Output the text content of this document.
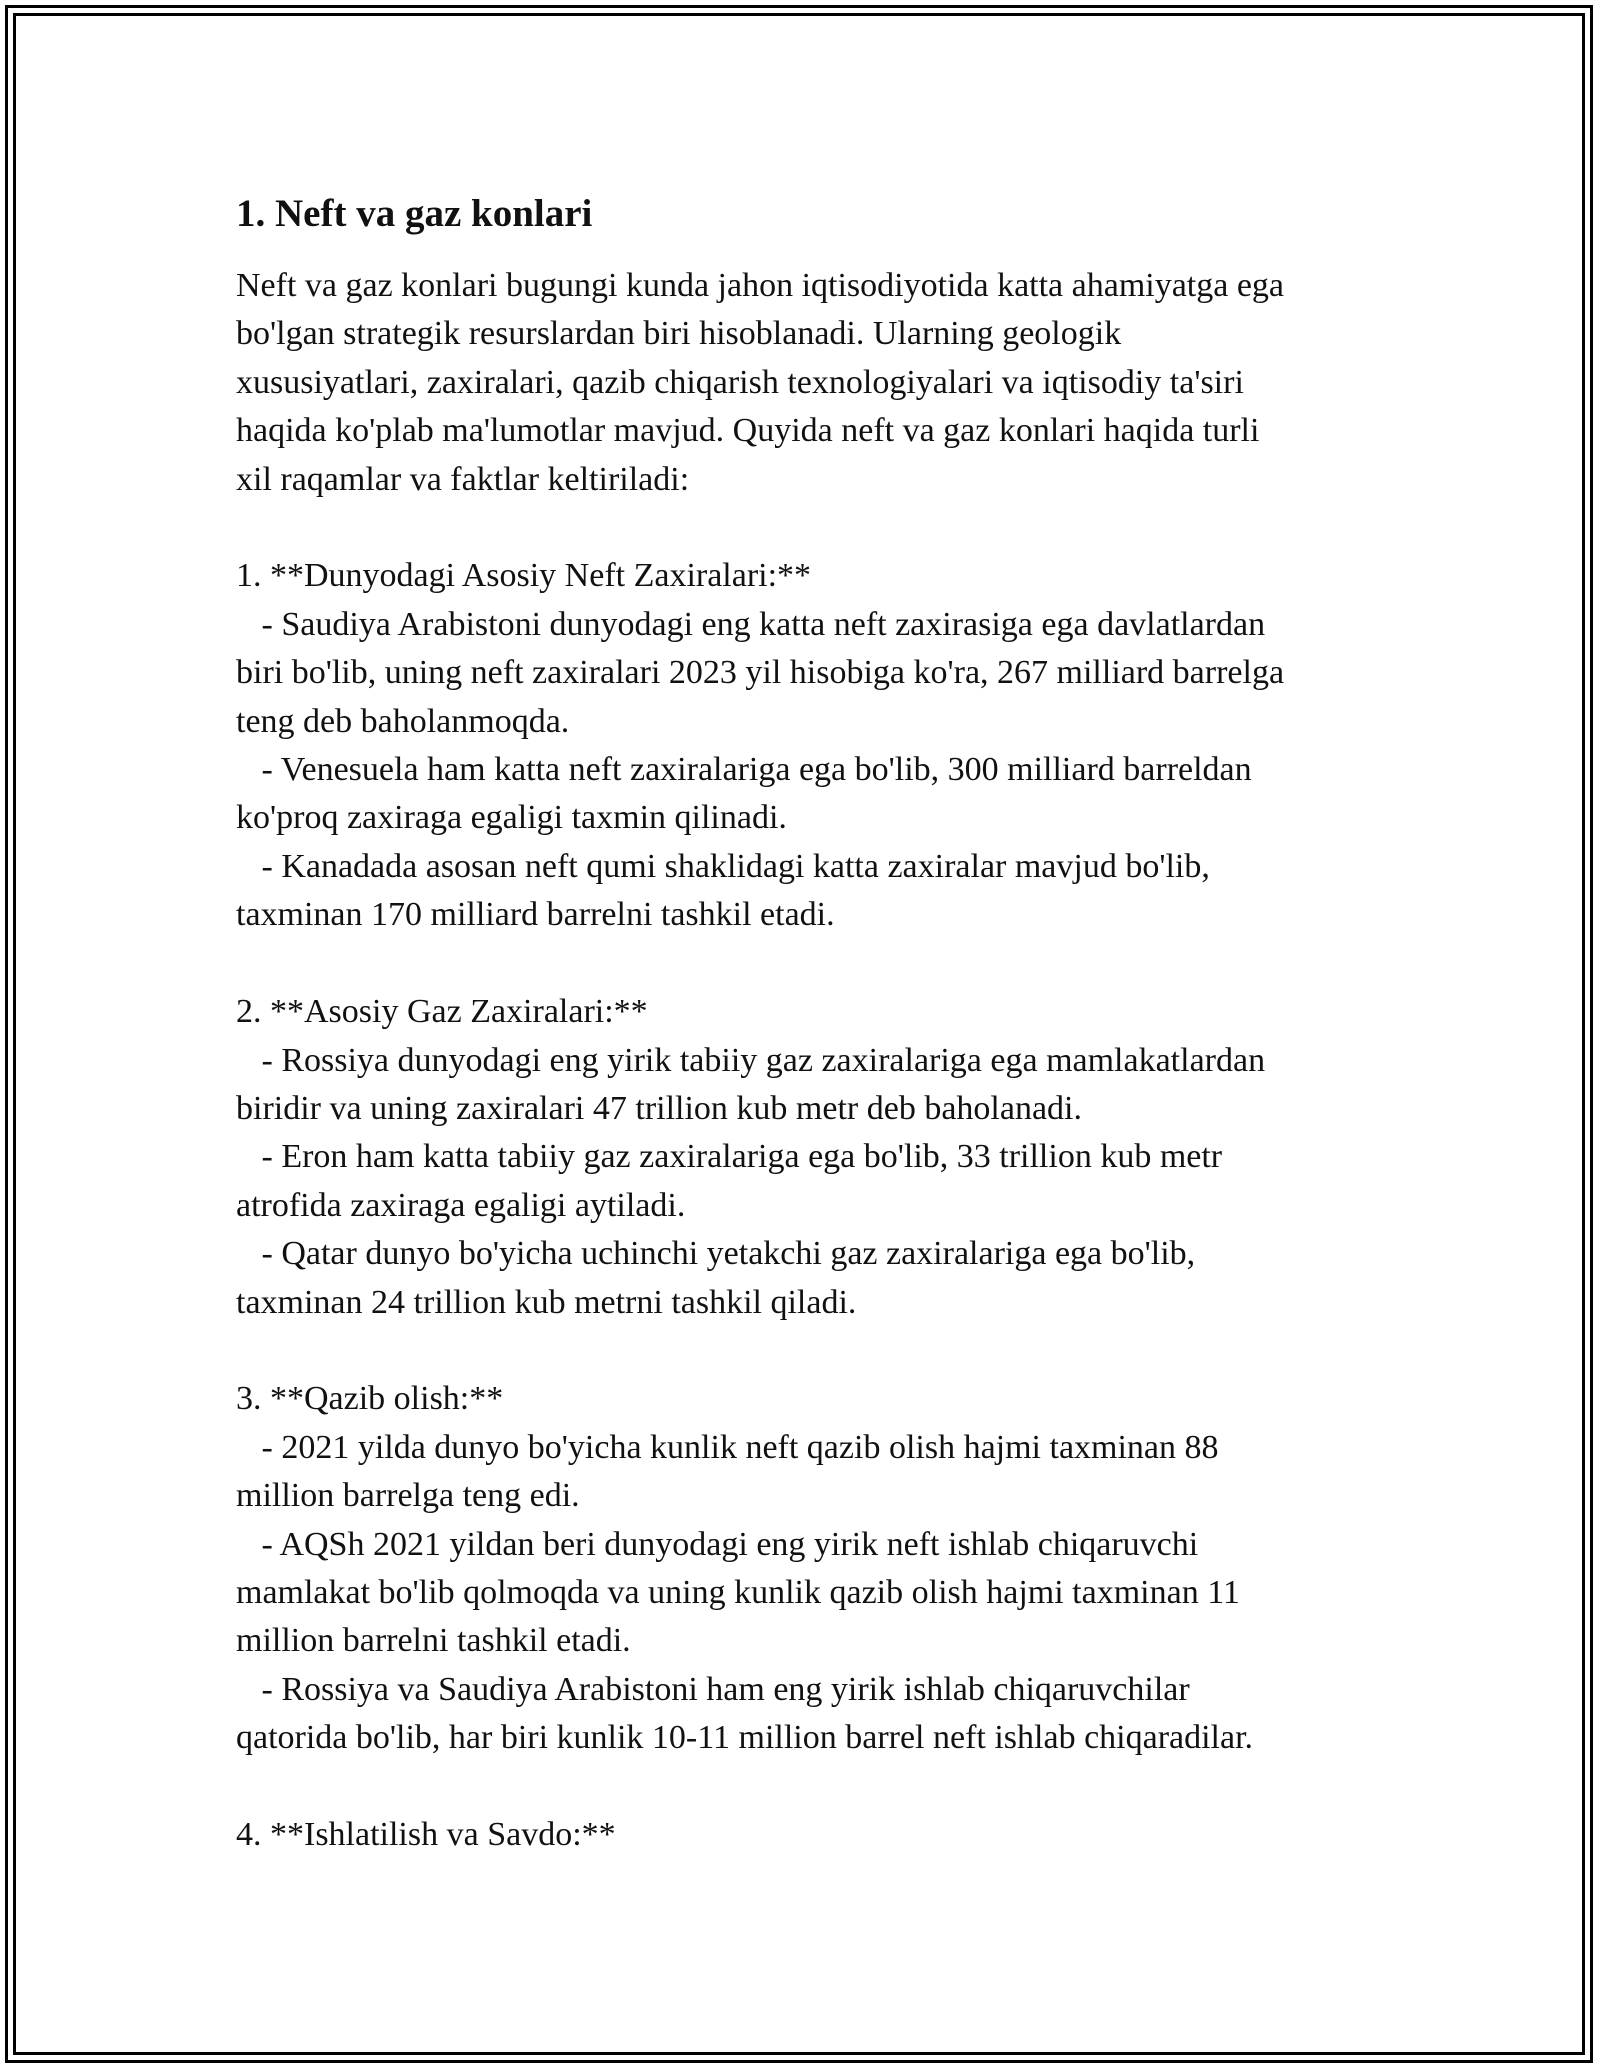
1. Neft va gaz konlari

Neft va gaz konlari bugungi kunda jahon iqtisodiyotida katta ahamiyatga ega
bo'lgan strategik resurslardan biri hisoblanadi. Ularning geologik
xususiyatlari, zaxiralari, qazib chiqarish texnologiyalari va iqtisodiy ta'siri
haqida ko'plab ma'lumotlar mavjud. Quyida neft va gaz konlari haqida turli
xil raqamlar va faktlar keltiriladi:

1. **Dunyodagi Asosiy Neft Zaxiralari:**
- Saudiya Arabistoni dunyodagi eng katta neft zaxirasiga ega davlatlardan
biri bo'lib, uning neft zaxiralari 2023 yil hisobiga ko'ra, 267 milliard barrelga
teng deb baholanmoqda.
- Venesuela ham katta neft zaxiralariga ega bo'lib, 300 milliard barreldan
ko'proq zaxiraga egaligi taxmin qilinadi.
- Kanadada asosan neft qumi shaklidagi katta zaxiralar mavjud bo'lib,
taxminan 170 milliard barrelni tashkil etadi.

2. **Asosiy Gaz Zaxiralari:**
- Rossiya dunyodagi eng yirik tabiiy gaz zaxiralariga ega mamlakatlardan
biridir va uning zaxiralari 47 trillion kub metr deb baholanadi.
- Eron ham katta tabiiy gaz zaxiralariga ega bo'lib, 33 trillion kub metr
atrofida zaxiraga egaligi aytiladi.
- Qatar dunyo bo'yicha uchinchi yetakchi gaz zaxiralariga ega bo'lib,
taxminan 24 trillion kub metrni tashkil qiladi.

3. **Qazib olish:**
- 2021 yilda dunyo bo'yicha kunlik neft qazib olish hajmi taxminan 88
million barrelga teng edi.
- AQSh 2021 yildan beri dunyodagi eng yirik neft ishlab chiqaruvchi
mamlakat bo'lib qolmoqda va uning kunlik qazib olish hajmi taxminan 11
million barrelni tashkil etadi.
- Rossiya va Saudiya Arabistoni ham eng yirik ishlab chiqaruvchilar
qatorida bo'lib, har biri kunlik 10-11 million barrel neft ishlab chiqaradilar.

4. **Ishlatilish va Savdo:**
